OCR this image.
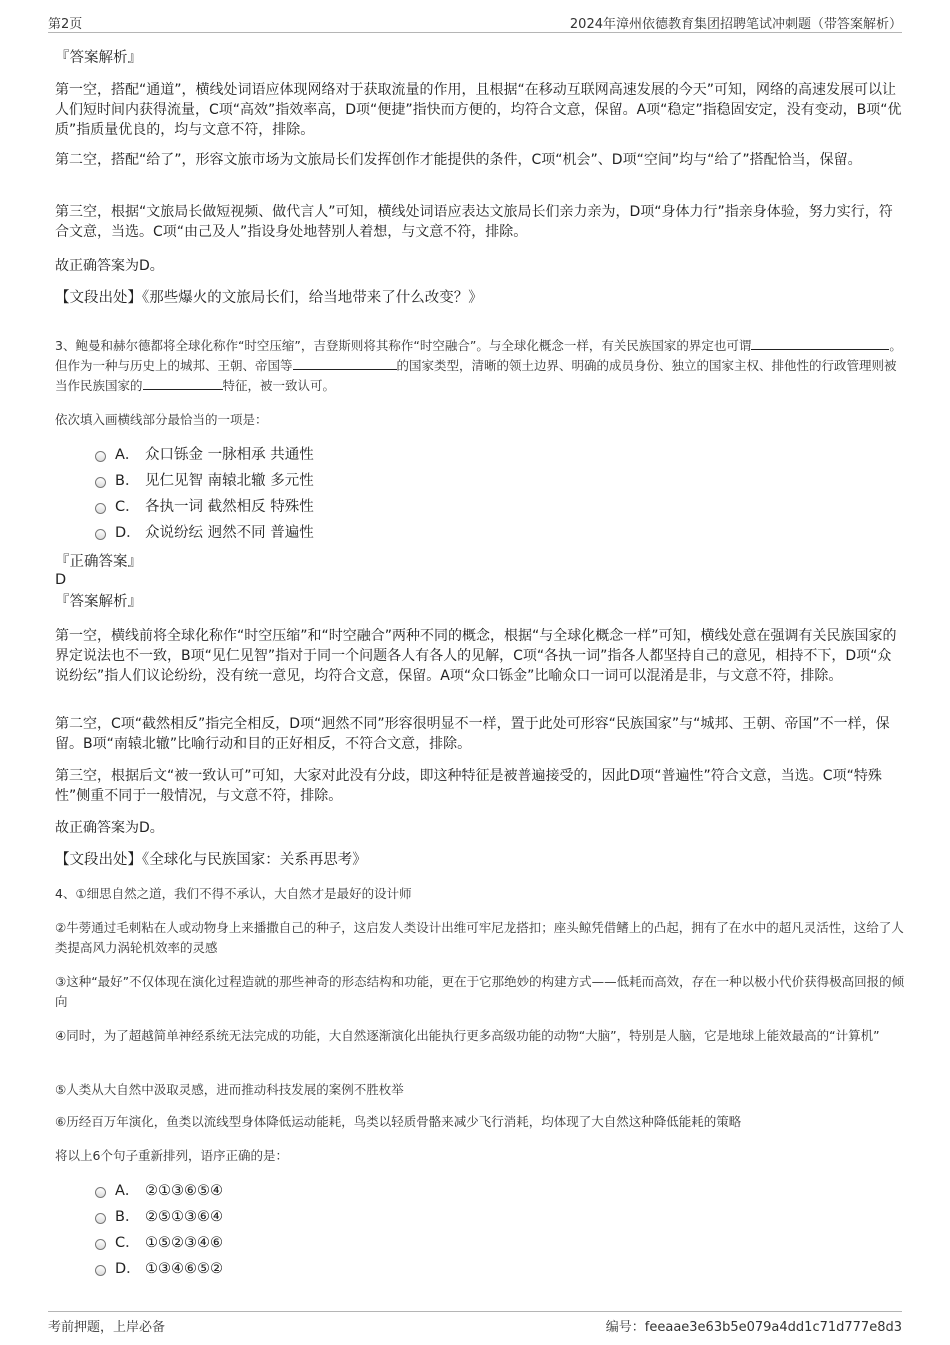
第2页	2024年漳州依德教育集团招聘笔试冲刺题（带答案解析）
『答案解析』
第一空，搭配“通道”，横线处词语应体现网络对于获取流量的作用，且根据“在移动互联网高速发展的今天”可知，网络的高速发展可以让人们短时间内获得流量，C项“高效”指效率高，D项“便捷”指快而方便的，均符合文意，保留。A项“稳定”指稳固安定，没有变动，B项“优质”指质量优良的，均与文意不符，排除。
第二空，搭配“给了”，形容文旅市场为文旅局长们发挥创作才能提供的条件，C项“机会”、D项“空间”均与“给了”搭配恰当，保留。
第三空，根据“文旅局长做短视频、做代言人”可知，横线处词语应表达文旅局长们亲力亲为，D项“身体力行”指亲身体验，努力实行，符合文意，当选。C项“由己及人”指设身处地替别人着想，与文意不符，排除。
故正确答案为D。
【文段出处】《那些爆火的文旅局长们，给当地带来了什么改变？》
3、鲍曼和赫尔德都将全球化称作“时空压缩”，吉登斯则将其称作“时空融合”。与全球化概念一样，有关民族国家的界定也可谓	。但作为一种与历史上的城邦、王朝、帝国等	的国家类型，清晰的领土边界、明确的成员身份、独立的国家主权、排他性的行政管理则被当作民族国家的	特征，被一致认可。
依次填入画横线部分最恰当的一项是：
A． 众口铄金 一脉相承 共通性
B． 见仁见智 南辕北辙 多元性
C． 各执一词 截然相反 特殊性
D． 众说纷纭 迥然不同 普遍性
『正确答案』
D
『答案解析』
第一空，横线前将全球化称作“时空压缩”和“时空融合”两种不同的概念，根据“与全球化概念一样”可知，横线处意在强调有关民族国家的界定说法也不一致，B项“见仁见智”指对于同一个问题各人有各人的见解，C项“各执一词”指各人都坚持自己的意见，相持不下，D项“众说纷纭”指人们议论纷纷，没有统一意见，均符合文意，保留。A项“众口铄金”比喻众口一词可以混淆是非，与文意不符，排除。
第二空，C项“截然相反”指完全相反，D项“迥然不同”形容很明显不一样，置于此处可形容“民族国家”与“城邦、王朝、帝国”不一样，保留。B项“南辕北辙”比喻行动和目的正好相反，不符合文意，排除。
第三空，根据后文“被一致认可”可知，大家对此没有分歧，即这种特征是被普遍接受的，因此D项“普遍性”符合文意，当选。C项“特殊性”侧重不同于一般情况，与文意不符，排除。
故正确答案为D。
【文段出处】《全球化与民族国家：关系再思考》
4、①细思自然之道，我们不得不承认，大自然才是最好的设计师
②牛蒡通过毛刺粘在人或动物身上来播撒自己的种子，这启发人类设计出维可牢尼龙搭扣；座头鲸凭借鳍上的凸起，拥有了在水中的超凡灵活性，这给了人类提高风力涡轮机效率的灵感
③这种“最好”不仅体现在演化过程造就的那些神奇的形态结构和功能，更在于它那绝妙的构建方式——低耗而高效，存在一种以极小代价获得极高回报的倾向
④同时，为了超越简单神经系统无法完成的功能，大自然逐渐演化出能执行更多高级功能的动物“大脑”，特别是人脑，它是地球上能效最高的“计算机”
⑤人类从大自然中汲取灵感，进而推动科技发展的案例不胜枚举
⑥历经百万年演化，鱼类以流线型身体降低运动能耗，鸟类以轻质骨骼来减少飞行消耗，均体现了大自然这种降低能耗的策略
将以上6个句子重新排列，语序正确的是：
A． ②①③⑥⑤④
B． ②⑤①③⑥④
C． ①⑤②③④⑥
D． ①③④⑥⑤②
考前押题，上岸必备	编号：feeaae3e63b5e079a4dd1c71d777e8d3
